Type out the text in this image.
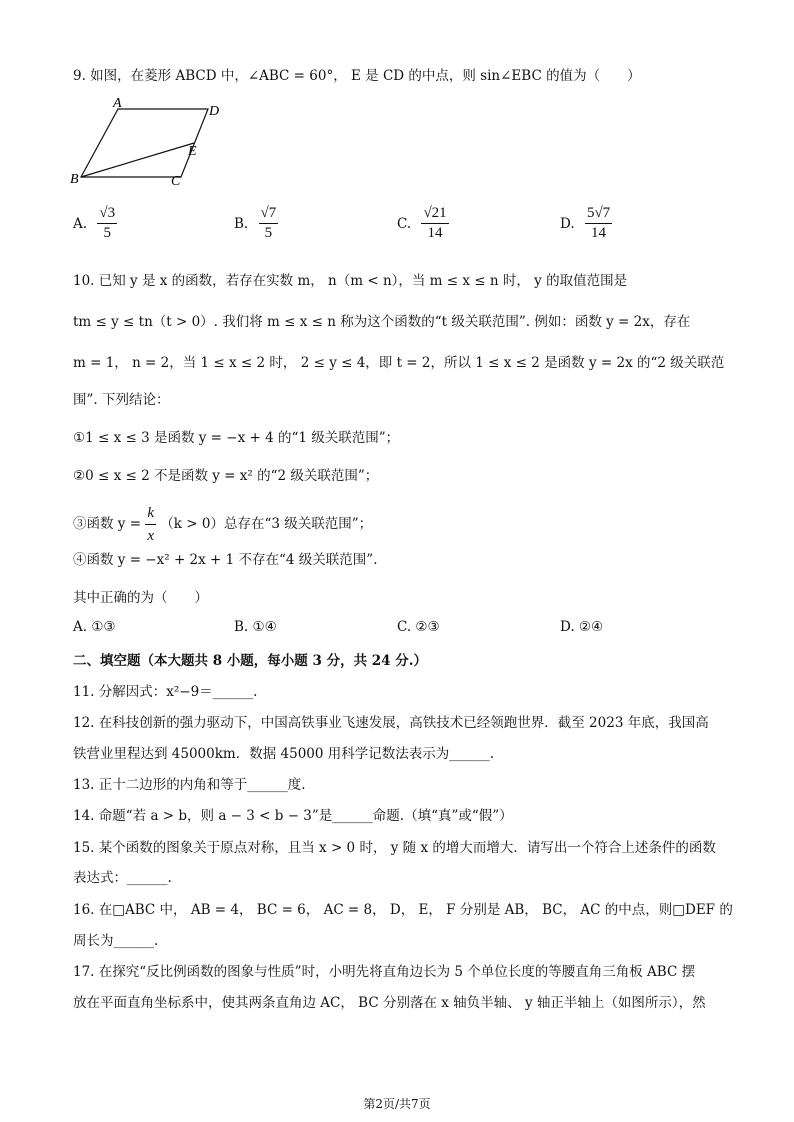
9. 如图，在菱形 ABCD 中，∠ABC = 60°， E 是 CD 的中点，则 sin∠EBC 的值为（　　）
A
D
E
B	C
A. $\frac{√3}{5}$	B. $\frac{√7}{5}$	C. $\frac{√21}{14}$	D. $\frac{5√7}{14}$
10. 已知 y 是 x 的函数，若存在实数 m， n（m < n），当 m ≤ x ≤ n 时， y 的取值范围是
tm ≤ y ≤ tn（t > 0）. 我们将 m ≤ x ≤ n 称为这个函数的“t 级关联范围”. 例如：函数 y = 2x，存在
m = 1， n = 2，当 1 ≤ x ≤ 2 时， 2 ≤ y ≤ 4，即 t = 2，所以 1 ≤ x ≤ 2 是函数 y = 2x 的“2 级关联范
围”. 下列结论：
①1 ≤ x ≤ 3 是函数 y = −x + 4 的“1 级关联范围”；
②0 ≤ x ≤ 2 不是函数 y = x² 的“2 级关联范围”；
③函数 $y = \frac{k}{x} (k > 0)$总存在“3 级关联范围”；
④函数 y = −x² + 2x + 1 不存在“4 级关联范围”.
其中正确的为（　　）
A. ①③	B. ①④	C. ②③	D. ②④
二、填空题（本大题共 8 小题，每小题 3 分，共 24 分.）
11. 分解因式：x²−9＝______.
12. 在科技创新的强力驱动下，中国高铁事业飞速发展，高铁技术已经领跑世界．截至 2023 年底，我国高
铁营业里程达到 45000km．数据 45000 用科学记数法表示为______.
13. 正十二边形的内角和等于______度.
14. 命题“若 a > b，则 a − 3 < b − 3”是______命题.（填“真”或“假”）
15. 某个函数的图象关于原点对称，且当 x > 0 时， y 随 x 的增大而增大．请写出一个符合上述条件的函数
表达式：______.
16. 在□ABC 中， AB = 4， BC = 6， AC = 8， D， E， F 分别是 AB， BC， AC 的中点，则□DEF 的
周长为______.
17. 在探究“反比例函数的图象与性质”时，小明先将直角边长为 5 个单位长度的等腰直角三角板 ABC 摆
放在平面直角坐标系中，使其两条直角边 AC， BC 分别落在 x 轴负半轴、 y 轴正半轴上（如图所示），然
第2页/共7页
